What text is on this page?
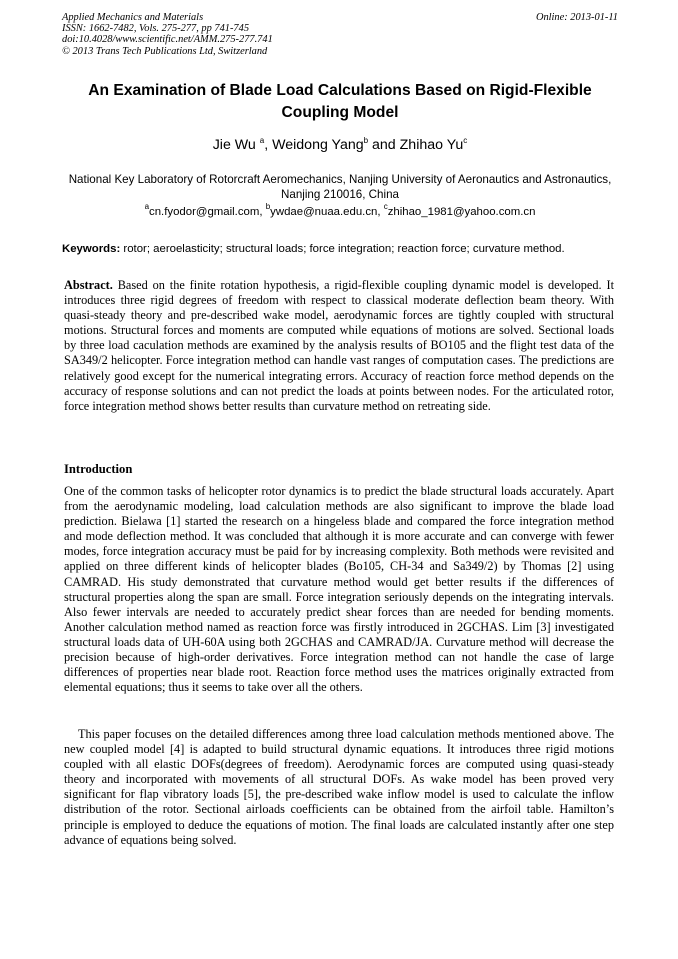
Applied Mechanics and Materials
ISSN: 1662-7482, Vols. 275-277, pp 741-745
doi:10.4028/www.scientific.net/AMM.275-277.741
© 2013 Trans Tech Publications Ltd, Switzerland
Online: 2013-01-11
An Examination of Blade Load Calculations Based on Rigid-Flexible Coupling Model
Jie Wu $^a$, Weidong Yang$^b$ and Zhihao Yu$^c$
National Key Laboratory of Rotorcraft Aeromechanics, Nanjing University of Aeronautics and Astronautics, Nanjing 210016, China
$^a$cn.fyodor@gmail.com, $^b$ywdae@nuaa.edu.cn, $^c$zhihao_1981@yahoo.com.cn
Keywords: rotor; aeroelasticity; structural loads; force integration; reaction force; curvature method.
Abstract. Based on the finite rotation hypothesis, a rigid-flexible coupling dynamic model is developed. It introduces three rigid degrees of freedom with respect to classical moderate deflection beam theory. With quasi-steady theory and pre-described wake model, aerodynamic forces are tightly coupled with structural motions. Structural forces and moments are computed while equations of motions are solved. Sectional loads by three load caculation methods are examined by the analysis results of BO105 and the flight test data of the SA349/2 helicopter. Force integration method can handle vast ranges of computation cases. The predictions are relatively good except for the numerical integrating errors. Accuracy of reaction force method depends on the accuracy of response solutions and can not predict the loads at points between nodes. For the articulated rotor, force integration method shows better results than curvature method on retreating side.
Introduction

One of the common tasks of helicopter rotor dynamics is to predict the blade structural loads accurately. Apart from the aerodynamic modeling, load calculation methods are also significant to improve the blade load prediction. Bielawa [1] started the research on a hingeless blade and compared the force integration method and mode deflection method. It was concluded that although it is more accurate and can converge with fewer modes, force integration accuracy must be paid for by increasing complexity. Both methods were revisited and applied on three different kinds of helicopter blades (Bo105, CH-34 and Sa349/2) by Thomas [2] using CAMRAD. His study demonstrated that curvature method would get better results if the differences of structural properties along the span are small. Force integration seriously depends on the integrating intervals. Also fewer intervals are needed to accurately predict shear forces than are needed for bending moments. Another calculation method named as reaction force was firstly introduced in 2GCHAS. Lim [3] investigated structural loads data of UH-60A using both 2GCHAS and CAMRAD/JA. Curvature method will decrease the precision because of high-order derivatives. Force integration method can not handle the case of large differences of properties near blade root. Reaction force method uses the matrices originally extracted from elemental equations; thus it seems to take over all the others.

This paper focuses on the detailed differences among three load calculation methods mentioned above. The new coupled model [4] is adapted to build structural dynamic equations. It introduces three rigid motions coupled with all elastic DOFs(degrees of freedom). Aerodynamic forces are computed using quasi-steady theory and incorporated with movements of all structural DOFs. As wake model has been proved very significant for flap vibratory loads [5], the pre-described wake inflow model is used to calculate the inflow distribution of the rotor. Sectional airloads coefficients can be obtained from the airfoil table. Hamilton’s principle is employed to deduce the equations of motion. The final loads are calculated instantly after one step advance of equations being solved.
